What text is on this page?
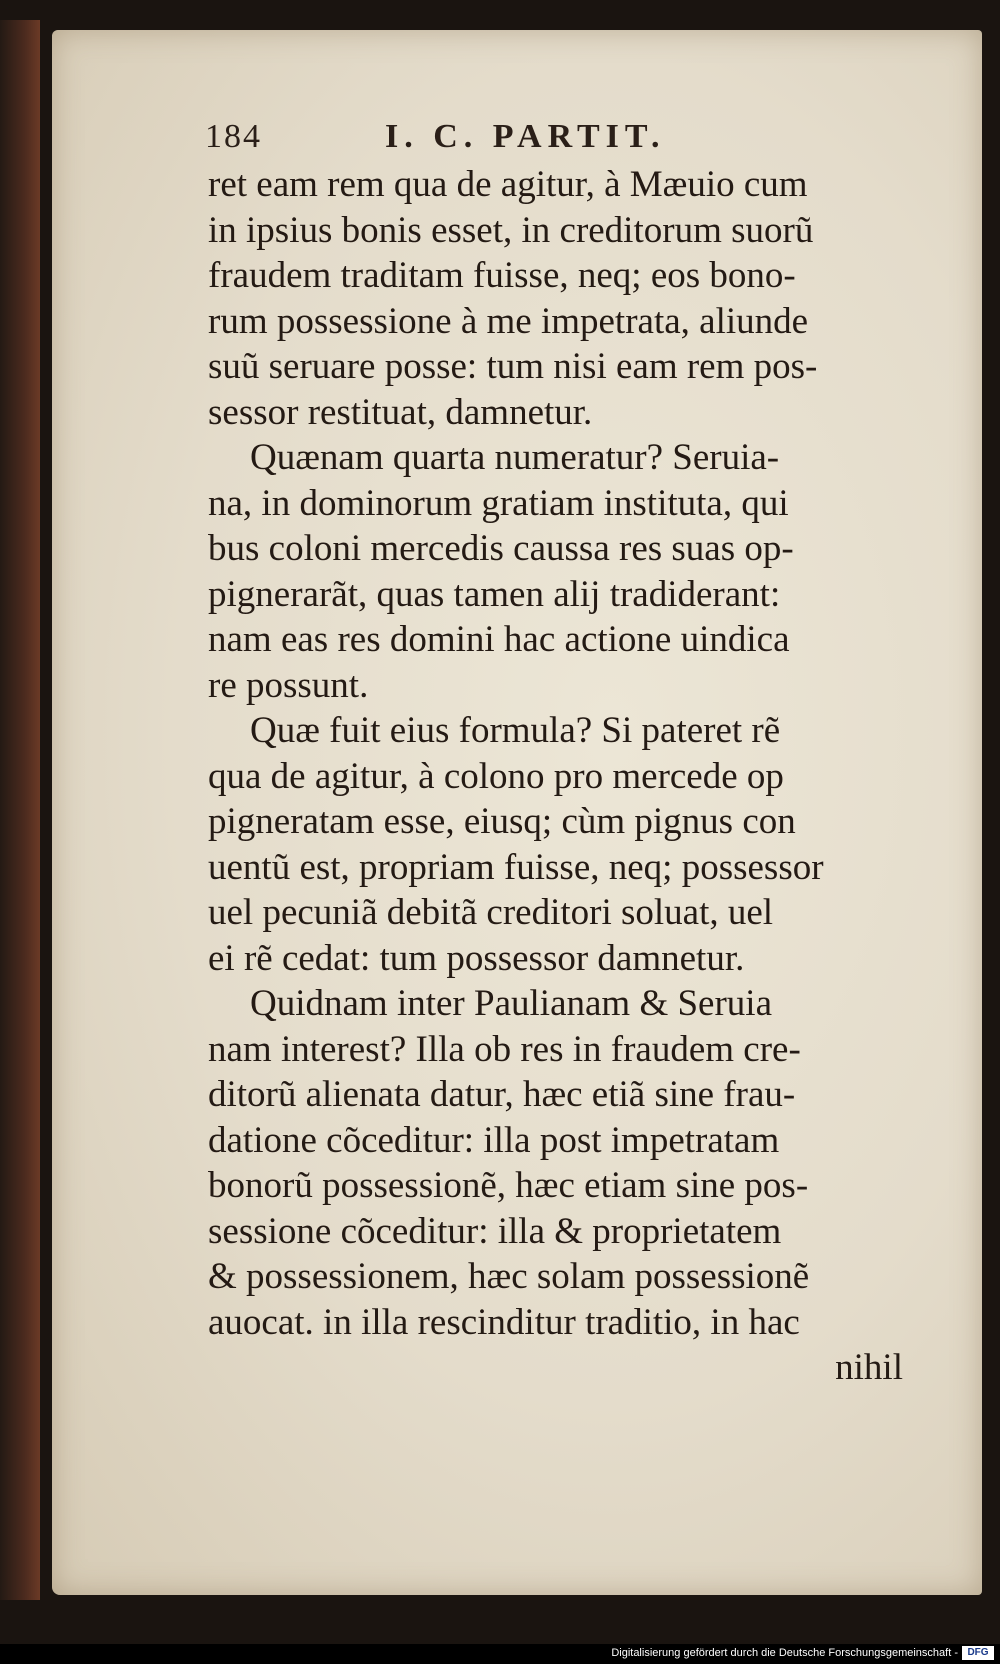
184	I. C. PARTIT.
ret eam rem qua de agitur, à Mæuio cum
in ipsius bonis esset, in creditorum suorũ
fraudem traditam fuisse, neq; eos bono-
rum possessione à me impetrata, aliunde
suũ seruare posse: tum nisi eam rem pos-
sessor restituat, damnetur.
Quænam quarta numeratur? Seruia-
na, in dominorum gratiam instituta, qui
bus coloni mercedis caussa res suas op-
pignerarãt, quas tamen alij tradiderant:
nam eas res domini hac actione uindica
re possunt.
Quæ fuit eius formula? Si pateret rẽ
qua de agitur, à colono pro mercede op
pigneratam esse, eiusq; cùm pignus con
uentũ est, propriam fuisse, neq; possessor
uel pecuniã debitã creditori soluat, uel
ei rẽ cedat: tum possessor damnetur.
Quidnam inter Paulianam & Seruia
nam interest? Illa ob res in fraudem cre-
ditorũ alienata datur, hæc etiã sine frau-
datione cõceditur: illa post impetratam
bonorũ possessionẽ, hæc etiam sine pos-
sessione cõceditur: illa & proprietatem
& possessionem, hæc solam possessionẽ
auocat. in illa rescinditur traditio, in hac
nihil
Digitalisierung gefördert durch die Deutsche Forschungsgemeinschaft - DFG
